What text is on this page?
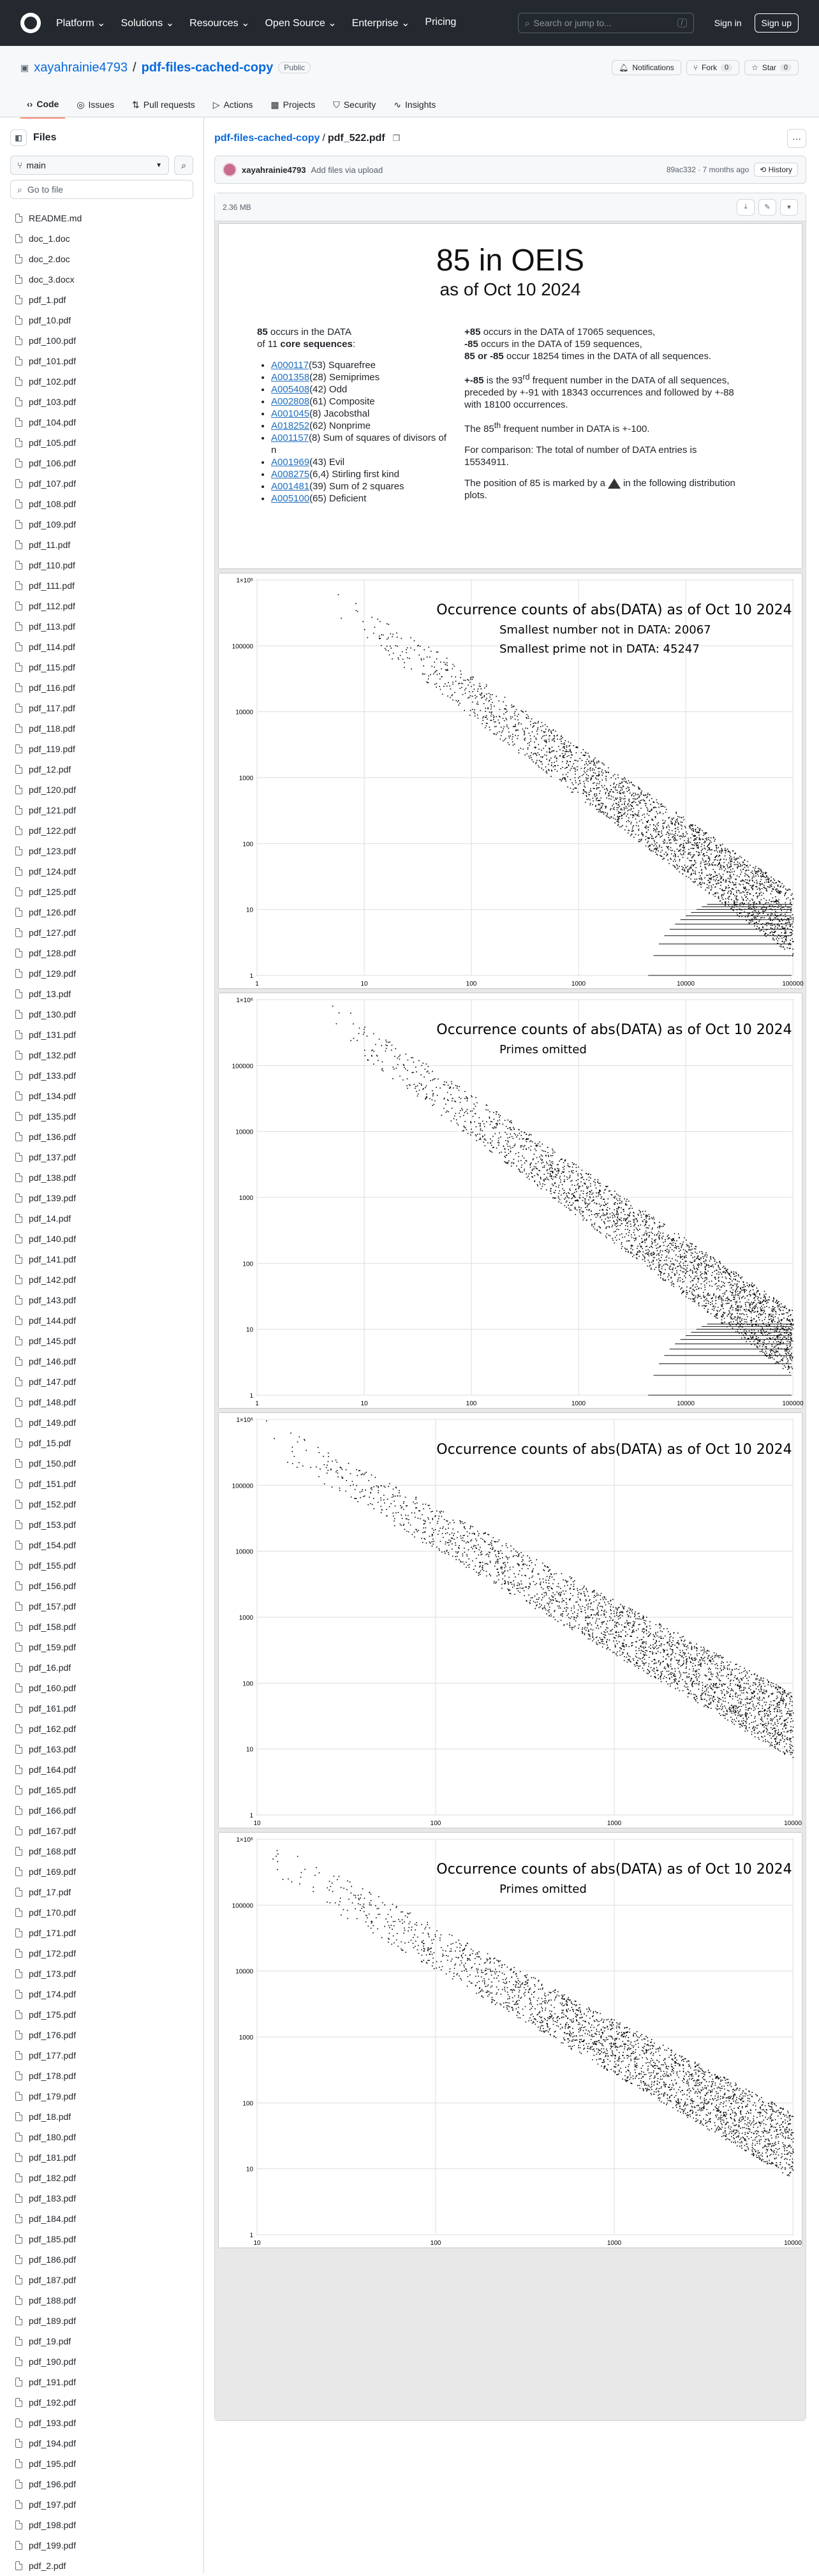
Platform ⌄ Solutions ⌄ Resources ⌄ Open Source ⌄ Enterprise ⌄ Pricing	⌕ Search or jump to...	/	Sign in	Sign up
▣ xayahrainie4793 / pdf-files-cached-copy	Public	🔔︎ Notifications	⑂ Fork	0	☆ Star	0
‹› Code ◎ Issues ⇅ Pull requests ▷ Actions ▦ Projects ⛉ Security ∿ Insights
◧	Files
⑂ main	▼ ⌕
⌕ Go to file
README.md
doc_1.doc
doc_2.doc
doc_3.docx
pdf_1.pdf
pdf_10.pdf
pdf_100.pdf
pdf_101.pdf
pdf_102.pdf
pdf_103.pdf
pdf_104.pdf
pdf_105.pdf
pdf_106.pdf
pdf_107.pdf
pdf_108.pdf
pdf_109.pdf
pdf_11.pdf
pdf_110.pdf
pdf_111.pdf
pdf_112.pdf
pdf_113.pdf
pdf_114.pdf
pdf_115.pdf
pdf_116.pdf
pdf_117.pdf
pdf_118.pdf
pdf_119.pdf
pdf_12.pdf
pdf_120.pdf
pdf_121.pdf
pdf_122.pdf
pdf_123.pdf
pdf_124.pdf
pdf_125.pdf
pdf_126.pdf
pdf_127.pdf
pdf_128.pdf
pdf_129.pdf
pdf_13.pdf
pdf_130.pdf
pdf_131.pdf
pdf_132.pdf
pdf_133.pdf
pdf_134.pdf
pdf_135.pdf
pdf_136.pdf
pdf_137.pdf
pdf_138.pdf
pdf_139.pdf
pdf_14.pdf
pdf_140.pdf
pdf_141.pdf
pdf_142.pdf
pdf_143.pdf
pdf_144.pdf
pdf_145.pdf
pdf_146.pdf
pdf_147.pdf
pdf_148.pdf
pdf_149.pdf
pdf_15.pdf
pdf_150.pdf
pdf_151.pdf
pdf_152.pdf
pdf_153.pdf
pdf_154.pdf
pdf_155.pdf
pdf_156.pdf
pdf_157.pdf
pdf_158.pdf
pdf_159.pdf
pdf_16.pdf
pdf_160.pdf
pdf_161.pdf
pdf_162.pdf
pdf_163.pdf
pdf_164.pdf
pdf_165.pdf
pdf_166.pdf
pdf_167.pdf
pdf_168.pdf
pdf_169.pdf
pdf_17.pdf
pdf_170.pdf
pdf_171.pdf
pdf_172.pdf
pdf_173.pdf
pdf_174.pdf
pdf_175.pdf
pdf_176.pdf
pdf_177.pdf
pdf_178.pdf
pdf_179.pdf
pdf_18.pdf
pdf_180.pdf
pdf_181.pdf
pdf_182.pdf
pdf_183.pdf
pdf_184.pdf
pdf_185.pdf
pdf_186.pdf
pdf_187.pdf
pdf_188.pdf
pdf_189.pdf
pdf_19.pdf
pdf_190.pdf
pdf_191.pdf
pdf_192.pdf
pdf_193.pdf
pdf_194.pdf
pdf_195.pdf
pdf_196.pdf
pdf_197.pdf
pdf_198.pdf
pdf_199.pdf
pdf_2.pdf
pdf-files-cached-copy / pdf_522.pdf ❐	···
xayahrainie4793 Add files via upload	89ac332 · 7 months ago	⟲ History
2.36 MB	⤓	✎	▾
85 in OEIS
as of Oct 10 2024
85 occurs in the DATA
of 11 core sequences:
• A000117(53) Squarefree
• A001358(28) Semiprimes
• A005408(42) Odd
• A002808(61) Composite
• A001045(8) Jacobsthal
• A018252(62) Nonprime
• A001157(8) Sum of squares of divisors of n
• A001969(43) Evil
• A008275(6,4) Stirling first kind
• A001481(39) Sum of 2 squares
• A005100(65) Deficient

+85 occurs in the DATA of 17065 sequences,
-85 occurs in the DATA of 159 sequences,
85 or -85 occur 18254 times in the DATA of all sequences.

+-85 is the 93rd frequent number in the DATA of all sequences, preceded by +-91 with 18343 occurrences and followed by +-88 with 18100 occurrences.

The 85th frequent number in DATA is +-100.

For comparison: The total of number of DATA entries is 15534911.

The position of 85 is marked by a in the following distribution plots.

1	10	100	1000	10000	100000
1
10
100
1000
10000
100000
1×10⁶
Occurrence counts of abs(DATA) as of Oct 10 2024
Smallest number not in DATA: 20067
Smallest prime not in DATA: 45247
1	10	100	1000	10000	100000
1
10
100
1000
10000
100000
1×10⁶
Occurrence counts of abs(DATA) as of Oct 10 2024
Primes omitted
10	100	1000	10000
1
10
100
1000
10000
100000
1×10⁶
Occurrence counts of abs(DATA) as of Oct 10 2024
10	100	1000	10000
1
10
100
1000
10000
100000
1×10⁶
Occurrence counts of abs(DATA) as of Oct 10 2024
Primes omitted
